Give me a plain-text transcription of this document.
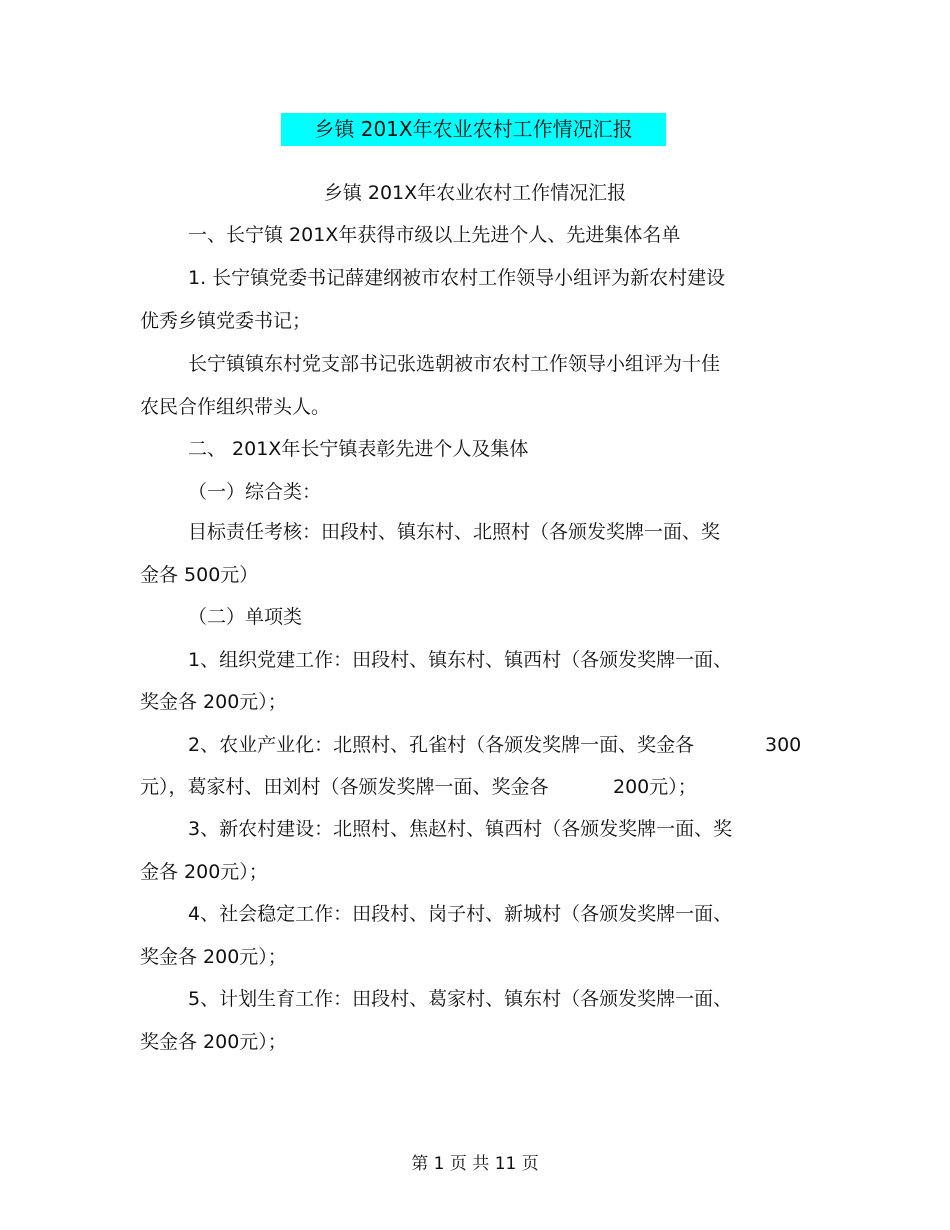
乡镇 201X年农业农村工作情况汇报
乡镇 201X年农业农村工作情况汇报
一、长宁镇 201X年获得市级以上先进个人、先进集体名单
1. 长宁镇党委书记薛建纲被市农村工作领导小组评为新农村建设
优秀乡镇党委书记；
长宁镇镇东村党支部书记张选朝被市农村工作领导小组评为十佳
农民合作组织带头人。
二、 201X年长宁镇表彰先进个人及集体
（一）综合类：
目标责任考核：田段村、镇东村、北照村（各颁发奖牌一面、奖
金各 500元）
（二）单项类
1、组织党建工作：田段村、镇东村、镇西村（各颁发奖牌一面、
奖金各 200元）；
2、农业产业化：北照村、孔雀村（各颁发奖牌一面、奖金各	300
元），葛家村、田刘村（各颁发奖牌一面、奖金各	200元）；
3、新农村建设：北照村、焦赵村、镇西村（各颁发奖牌一面、奖
金各 200元）；
4、社会稳定工作：田段村、岗子村、新城村（各颁发奖牌一面、
奖金各 200元）；
5、计划生育工作：田段村、葛家村、镇东村（各颁发奖牌一面、
奖金各 200元）；
第 1 页 共 11 页
